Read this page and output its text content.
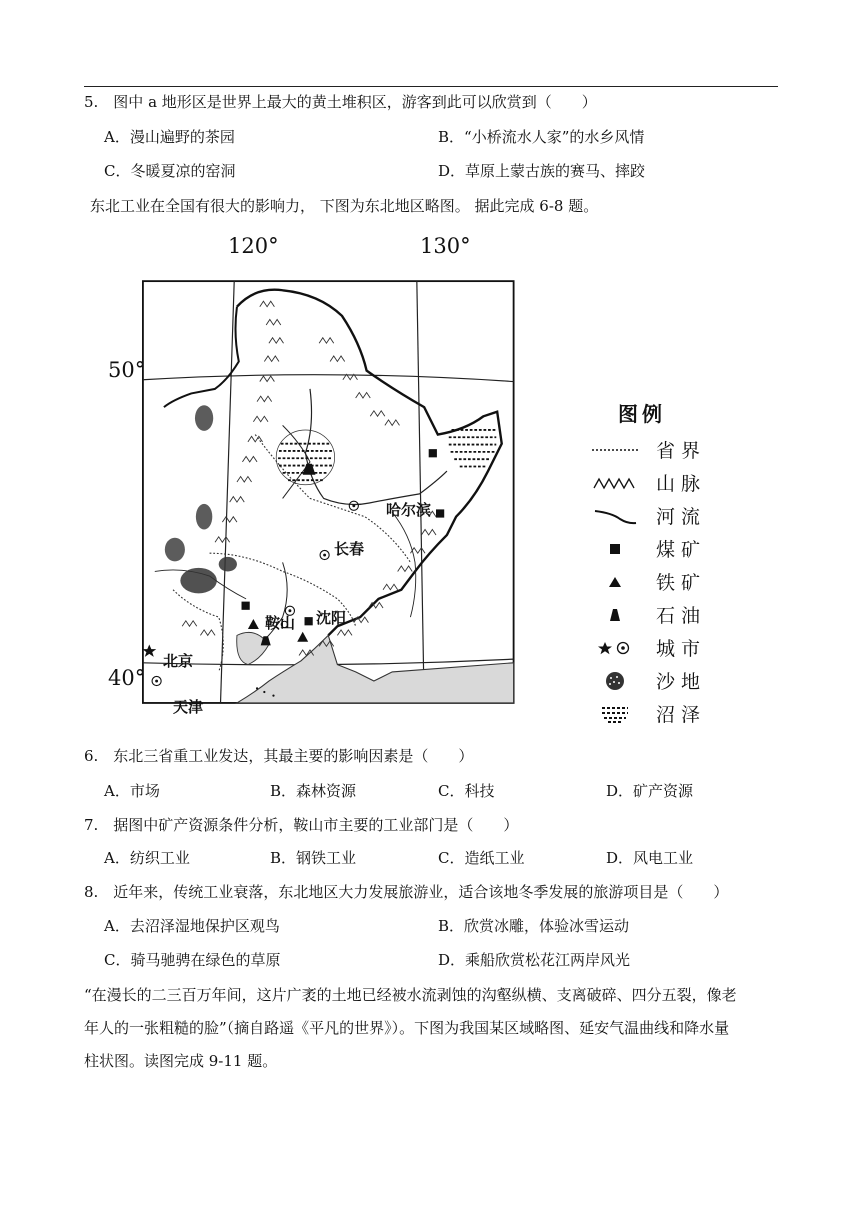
5.　图中 a 地形区是世界上最大的黄土堆积区，游客到此可以欣赏到（　　）
A．漫山遍野的茶园	B．“小桥流水人家”的水乡风情
C．冬暖夏凉的窑洞	D．草原上蒙古族的赛马、摔跤
东北工业在全国有很大的影响力， 下图为东北地区略图。 据此完成 6-8 题。
120°	130°
50°
40°
哈尔滨
长春
沈阳
鞍山
北京
天津
图例
省界
山脉
河流
煤矿
铁矿
石油
城市
沙地
沼泽
6.　东北三省重工业发达，其最主要的影响因素是（　　）
A．市场	B．森林资源	C．科技	D．矿产资源
7.　据图中矿产资源条件分析，鞍山市主要的工业部门是（　　）
A．纺织工业	B．钢铁工业	C．造纸工业	D．风电工业
8.　近年来，传统工业衰落，东北地区大力发展旅游业，适合该地冬季发展的旅游项目是（　　）
A．去沼泽湿地保护区观鸟	B．欣赏冰雕，体验冰雪运动
C．骑马驰骋在绿色的草原	D．乘船欣赏松花江两岸风光
“在漫长的二三百万年间，这片广袤的土地已经被水流剥蚀的沟壑纵横、支离破碎、四分五裂，像老
年人的一张粗糙的脸”（摘自路遥《平凡的世界》）。下图为我国某区域略图、延安气温曲线和降水量
柱状图。读图完成 9-11 题。
